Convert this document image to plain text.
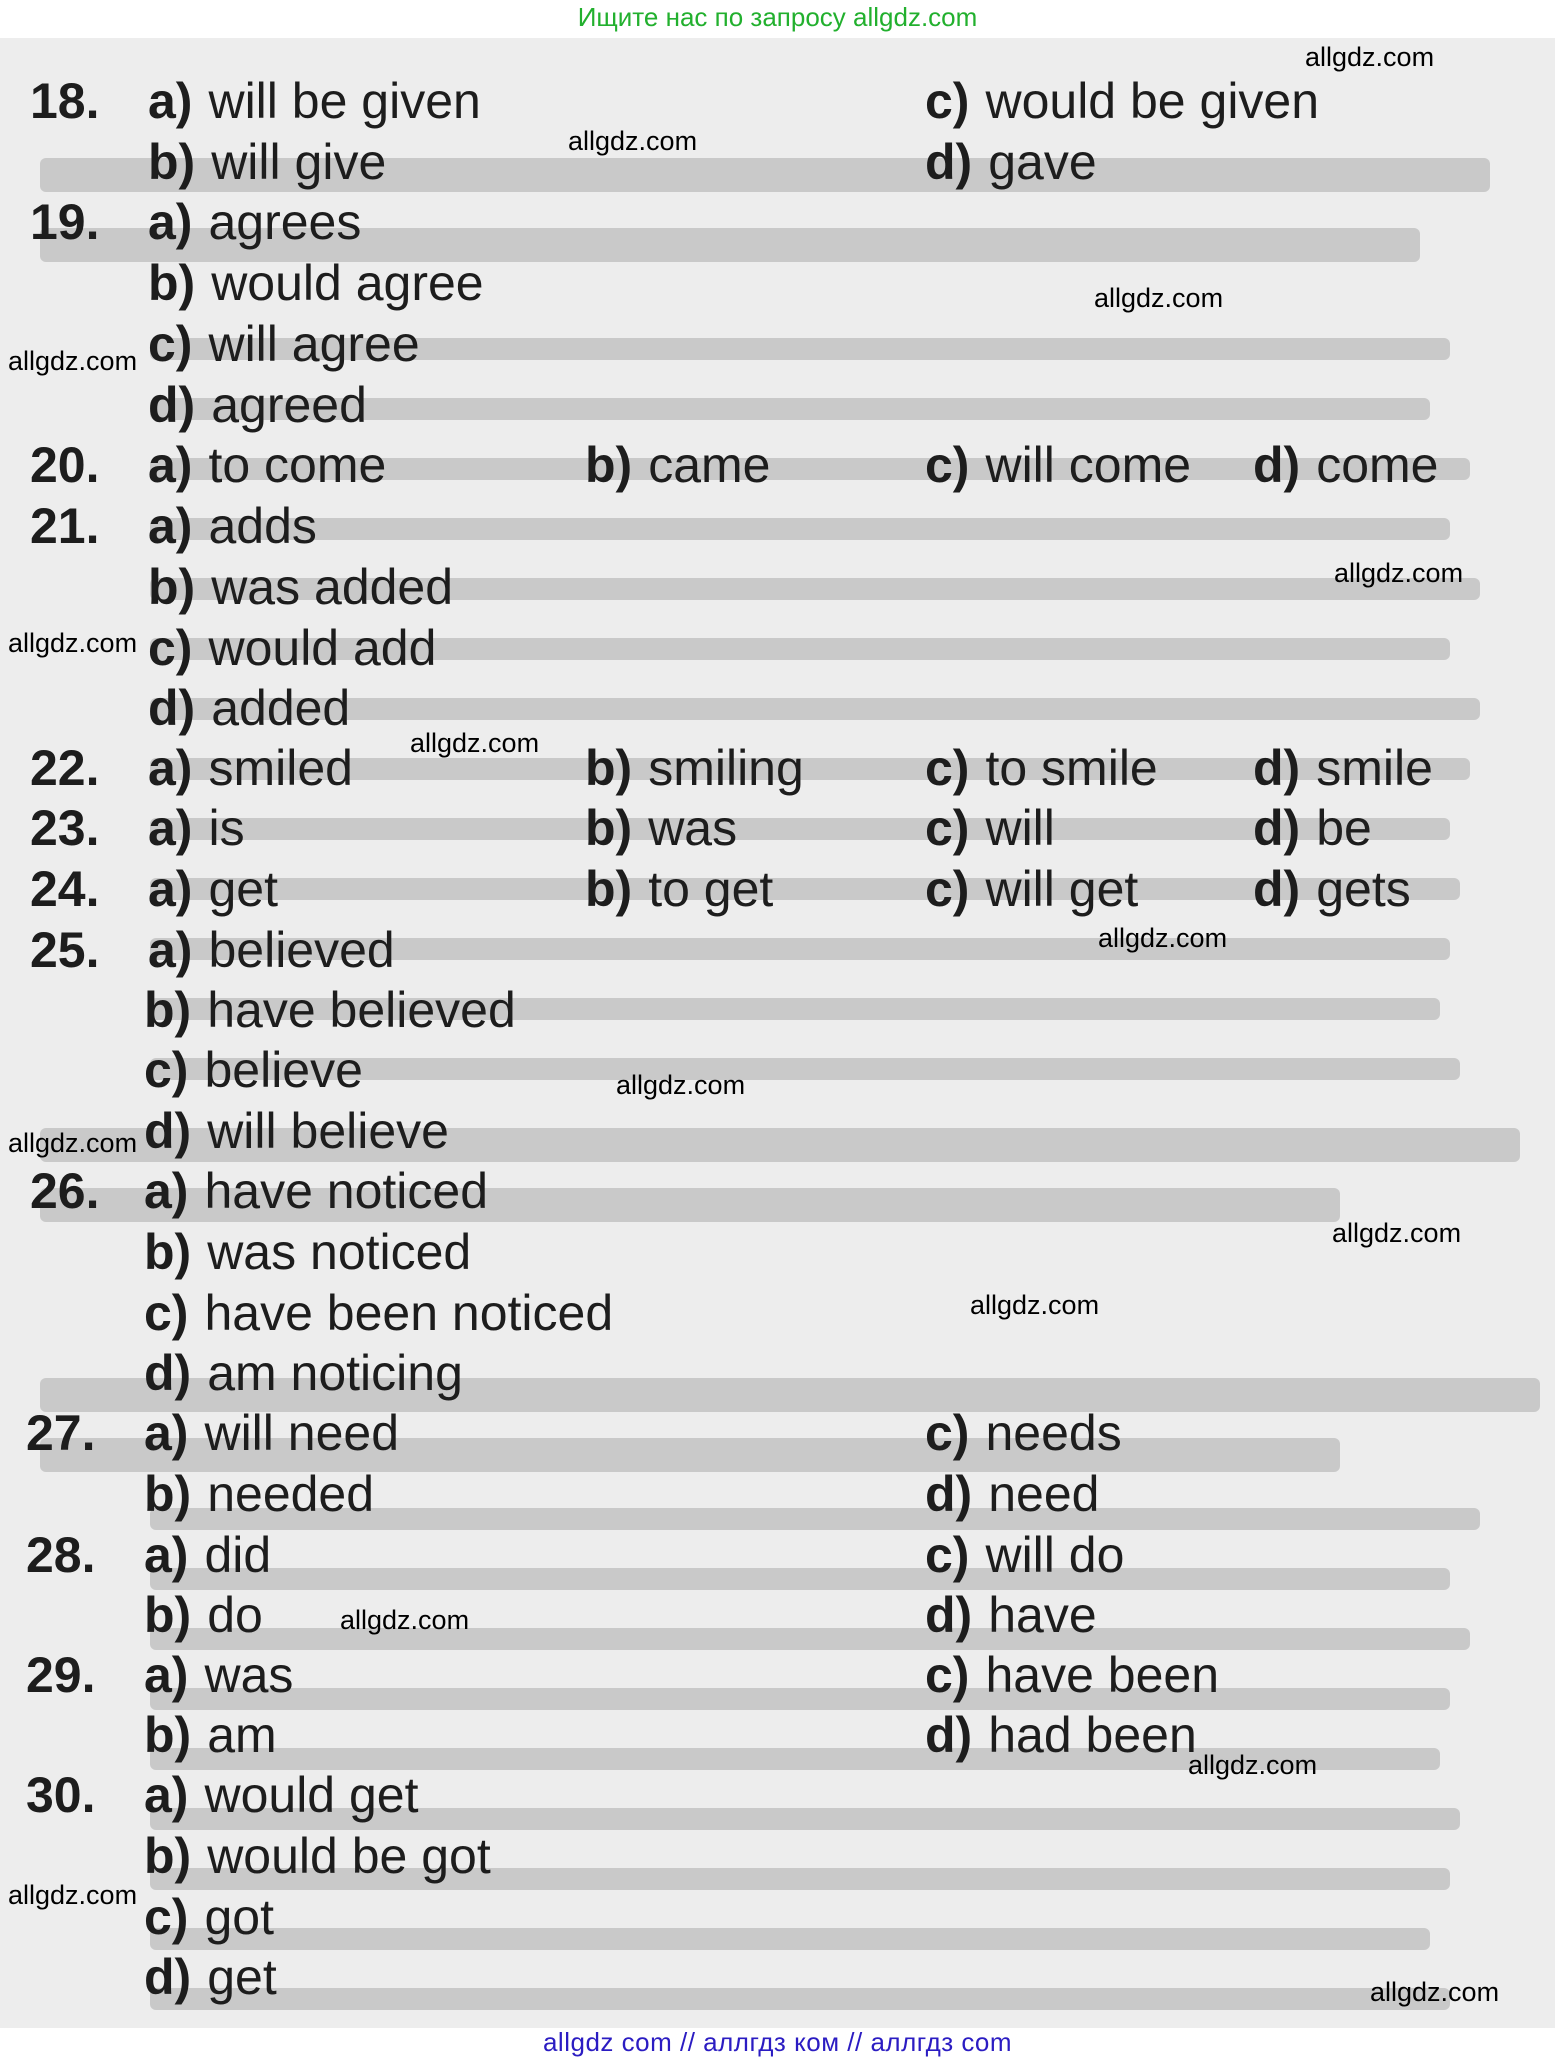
Ищите нас по запросу allgdz.com
18. a) will be given
b) will give
c) would be given
d) gave
19. a) agrees
b) would agree
c) will agree
d) agreed
20. a) to come	b) came	c) will come d) come
21. a) adds
b) was added
c) would add
d) added
22. a) smiled	b) smiling c) to smile d) smile
23. a) is	b) was	c) will	d) be
24. a) get	b) to get	c) will get d) gets
25. a) believed
b) have believed
c) believe
d) will believe
26. a) have noticed
b) was noticed
c) have been noticed
d) am noticing
27. a) will need
b) needed
c) needs
d) need
28. a) did
b) do
c) will do
d) have
29. a) was
b) am
c) have been
d) had been
30. a) would get
b) would be got
c) got
d) get
allgdz.com
allgdz.com
allgdz.com
allgdz.com
allgdz.com
allgdz.com
allgdz.com
allgdz.com
allgdz.com
allgdz.com
allgdz.com
allgdz.com
allgdz.com
allgdz.com
allgdz.com
allgdz.com
allgdz com // аллгдз ком // аллгдз com
